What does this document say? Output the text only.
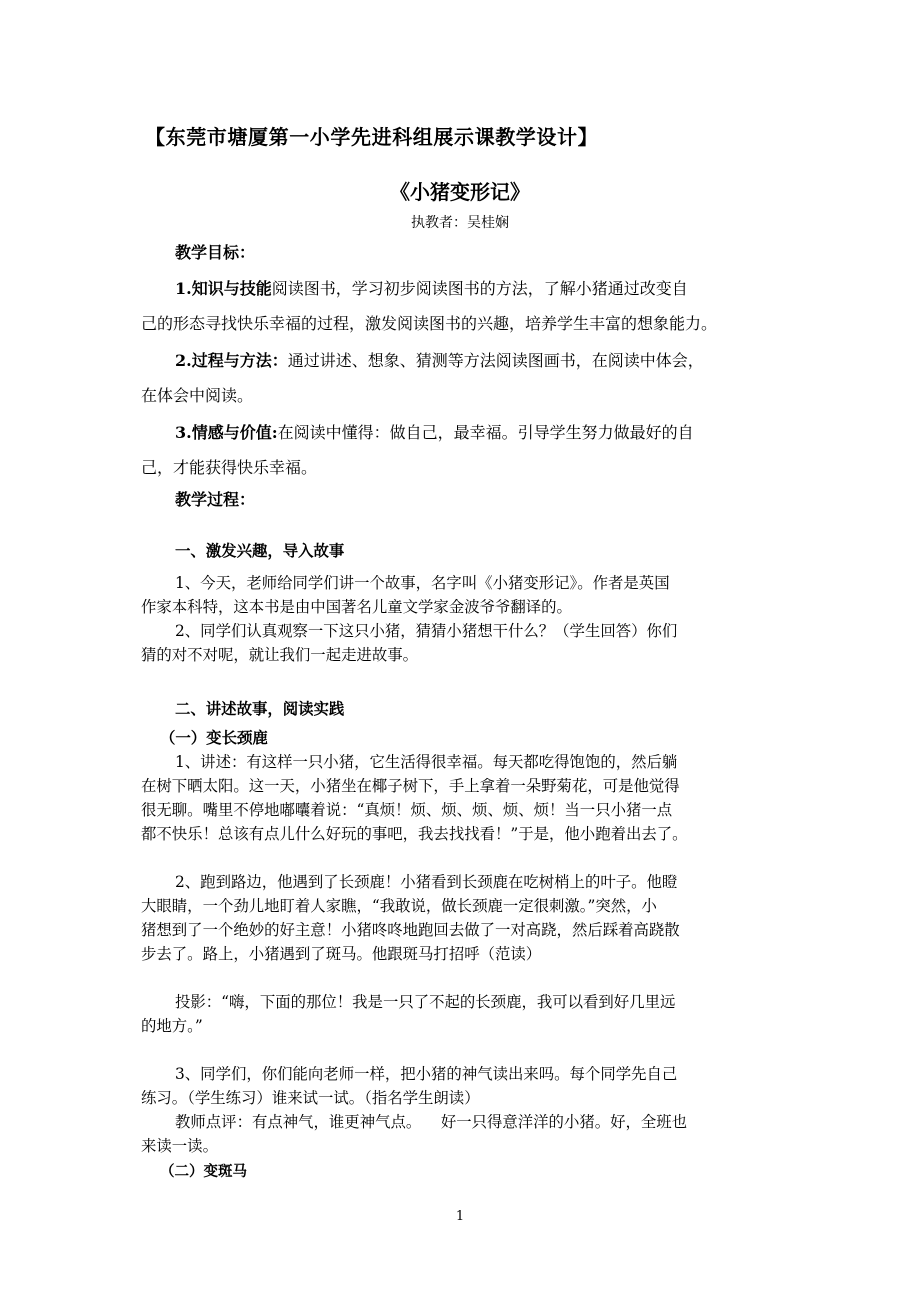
【东莞市塘厦第一小学先进科组展示课教学设计】
《小猪变形记》
执教者：吴桂娴
教学目标：
1.知识与技能阅读图书，学习初步阅读图书的方法，了解小猪通过改变自
己的形态寻找快乐幸福的过程，激发阅读图书的兴趣，培养学生丰富的想象能力。
2.过程与方法：通过讲述、想象、猜测等方法阅读图画书，在阅读中体会，
在体会中阅读。
3.情感与价值:在阅读中懂得：做自己，最幸福。引导学生努力做最好的自
己，才能获得快乐幸福。
教学过程：
一、激发兴趣，导入故事
1、今天，老师给同学们讲一个故事，名字叫《小猪变形记》。作者是英国
作家本科特，这本书是由中国著名儿童文学家金波爷爷翻译的。
2、同学们认真观察一下这只小猪，猜猜小猪想干什么？（学生回答）你们
猜的对不对呢，就让我们一起走进故事。
二、讲述故事，阅读实践
（一）变长颈鹿
1、讲述：有这样一只小猪，它生活得很幸福。每天都吃得饱饱的，然后躺
在树下晒太阳。这一天，小猪坐在椰子树下，手上拿着一朵野菊花，可是他觉得
很无聊。嘴里不停地嘟囔着说：“真烦！烦、烦、烦、烦、烦！当一只小猪一点
都不快乐！总该有点儿什么好玩的事吧，我去找找看！”于是，他小跑着出去了。
2、跑到路边，他遇到了长颈鹿！小猪看到长颈鹿在吃树梢上的叶子。他瞪
大眼睛，一个劲儿地盯着人家瞧，“我敢说，做长颈鹿一定很刺激。”突然，小
猪想到了一个绝妙的好主意！小猪咚咚地跑回去做了一对高跷，然后踩着高跷散
步去了。路上，小猪遇到了斑马。他跟斑马打招呼（范读）
投影：“嗨，下面的那位！我是一只了不起的长颈鹿，我可以看到好几里远
的地方。”
3、同学们，你们能向老师一样，把小猪的神气读出来吗。每个同学先自己
练习。（学生练习）谁来试一试。（指名学生朗读）
教师点评：有点神气，谁更神气点。    好一只得意洋洋的小猪。好，全班也
来读一读。
（二）变斑马
1
